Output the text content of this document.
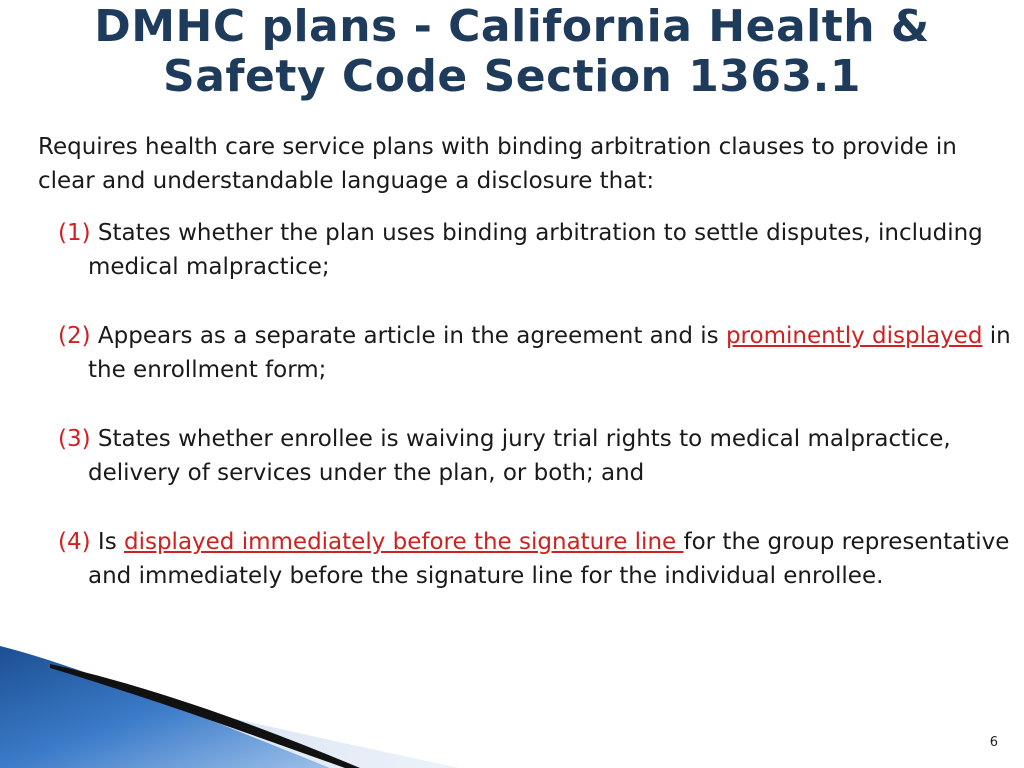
DMHC plans - California Health &
Safety Code Section 1363.1

Requires health care service plans with binding arbitration clauses to provide in clear and understandable language a disclosure that:

(1) States whether the plan uses binding arbitration to settle disputes, including medical malpractice;

(2) Appears as a separate article in the agreement and is prominently displayed in the enrollment form;

(3) States whether enrollee is waiving jury trial rights to medical malpractice, delivery of services under the plan, or both; and

(4) Is displayed immediately before the signature line for the group representative and immediately before the signature line for the individual enrollee.

6
